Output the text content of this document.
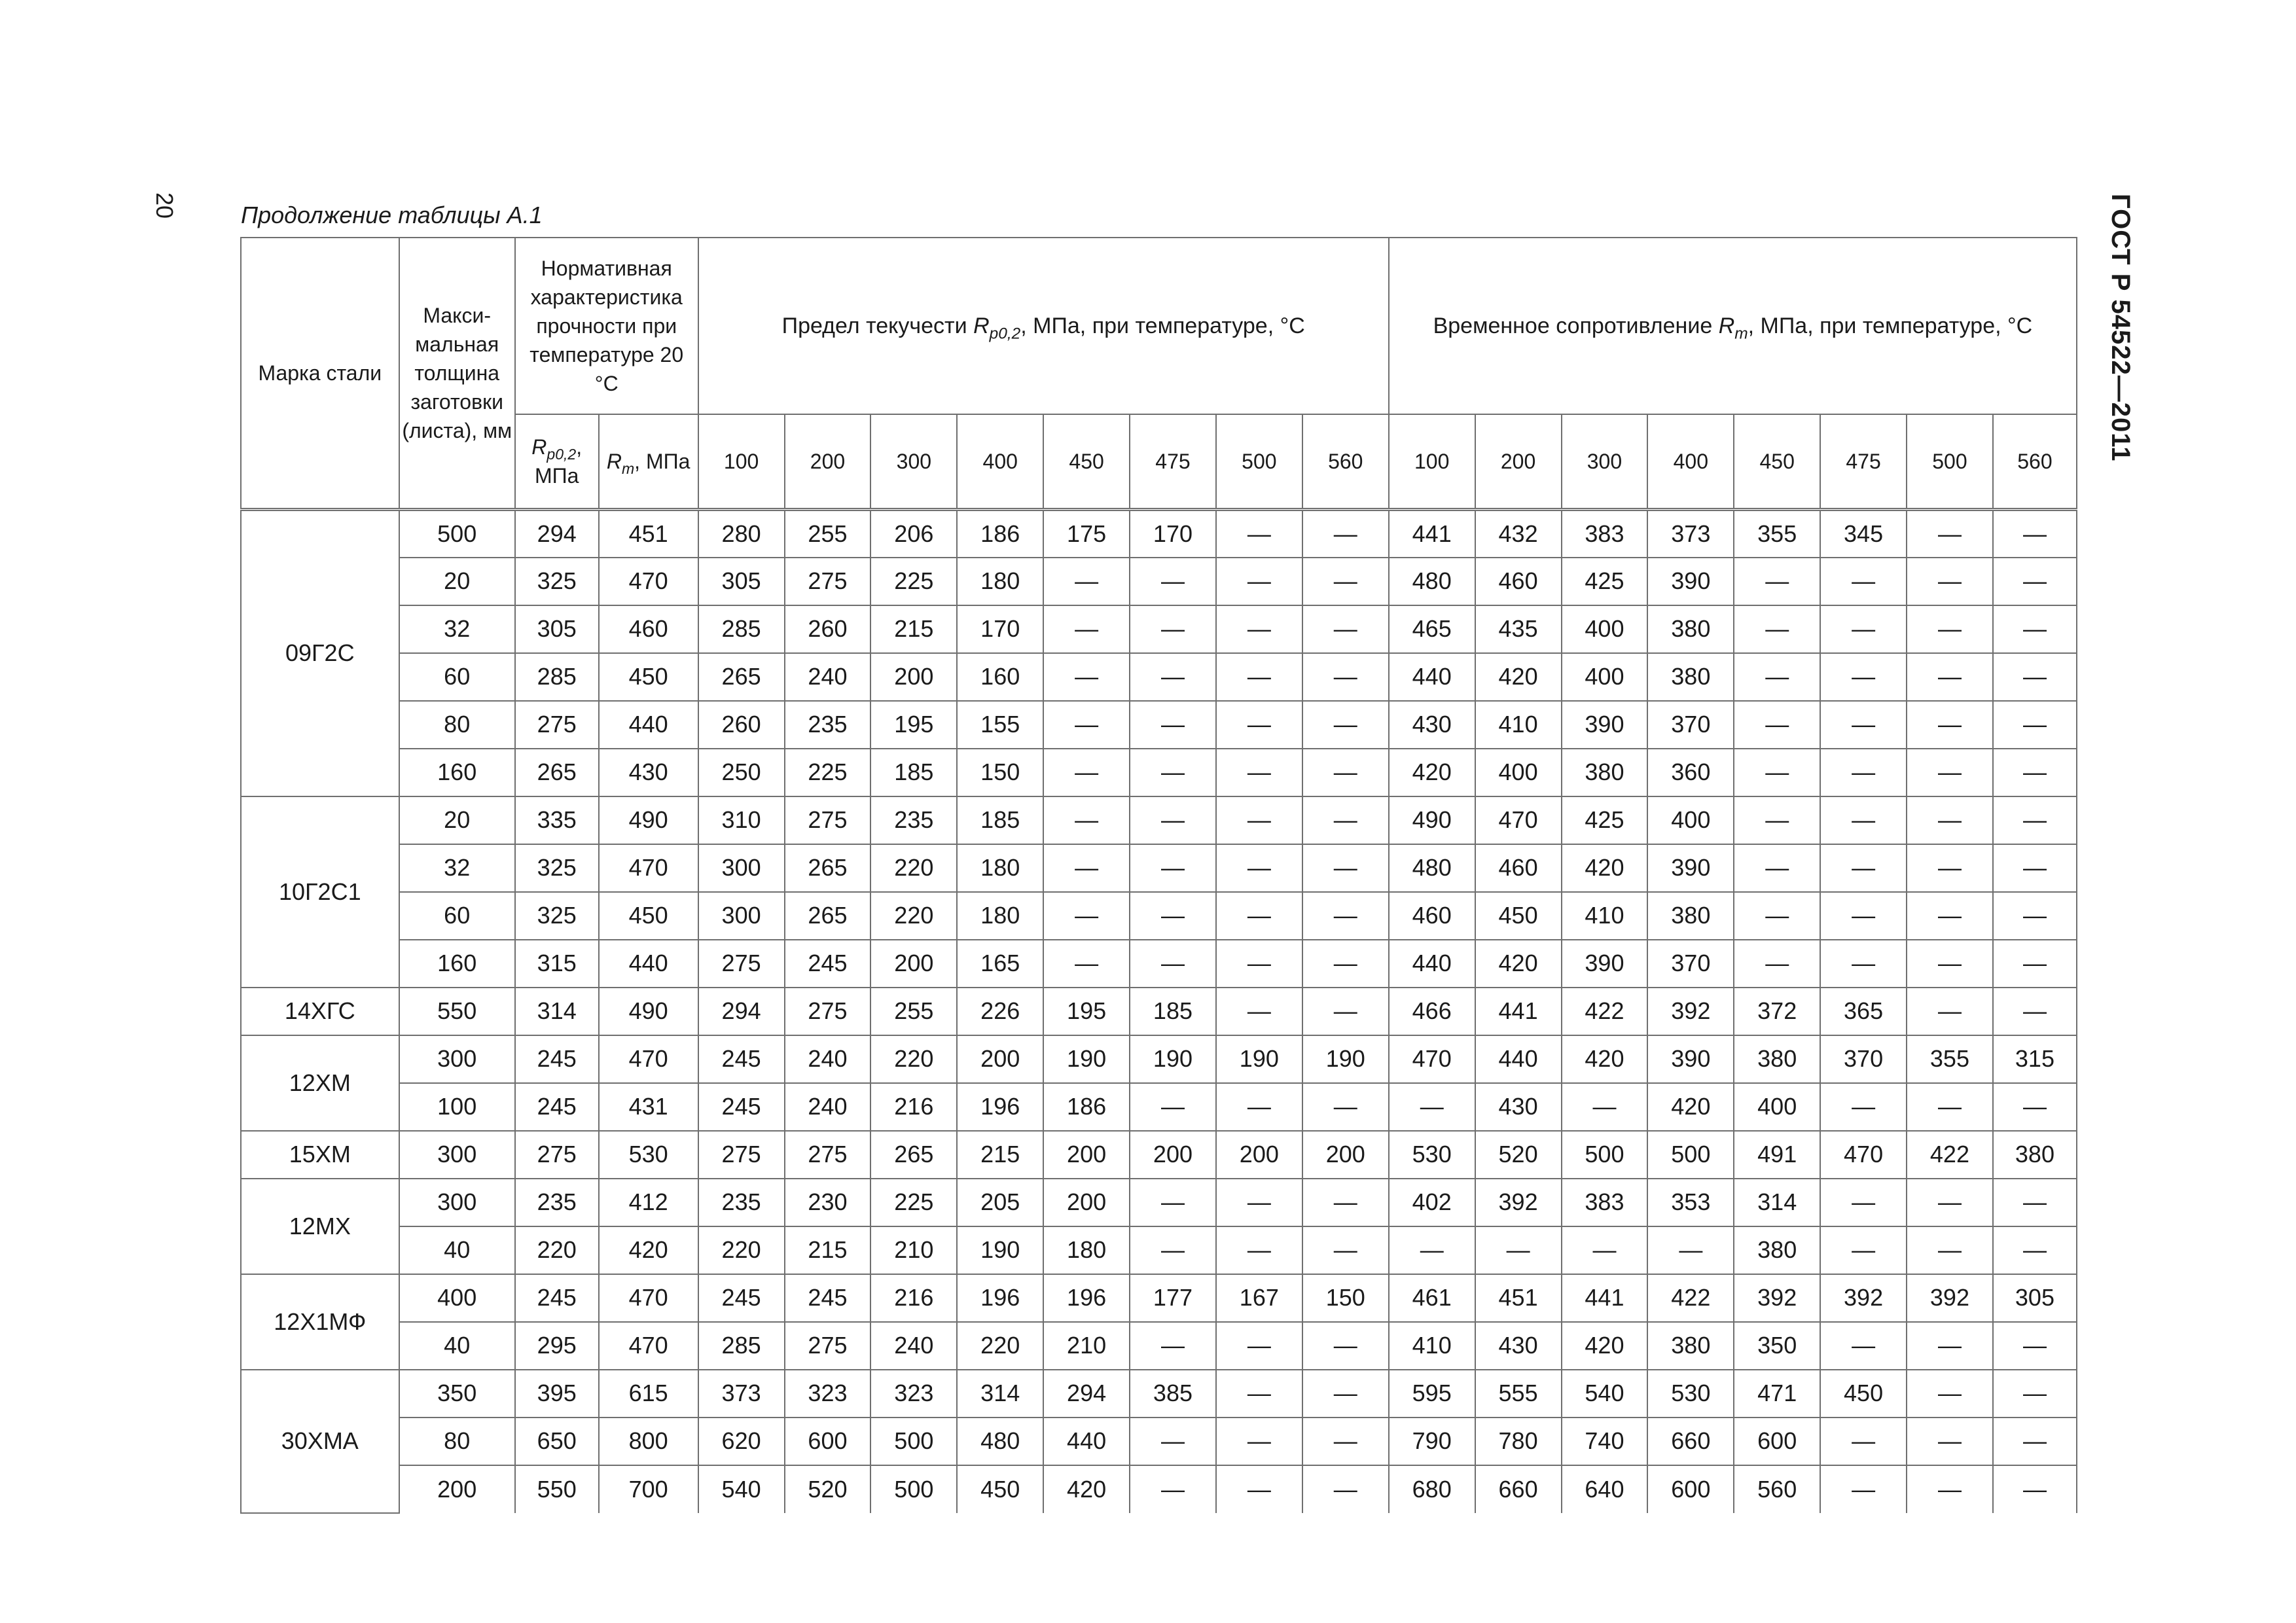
20	ГОСТ Р 54522—2011
Продолжение таблицы А.1
Марка стали	Макси-мальная толщина заготовки (листа), мм	Нормативная характеристика прочности при температуре 20 °С		Предел текучести $R_{p0,2}$, МПа, при температуре, °С								Временное сопротивление $R_m$, МПа, при температуре, °С							
		$R_{p0,2}$, МПа	$R_m$, МПа	100	200	300	400	450	475	500	560	100	200	300	400	450	475	500	560
09Г2С	500	294	451	280	255	206	186	175	170	—	—	441	432	383	373	355	345	—	—
	20	325	470	305	275	225	180	—	—	—	—	480	460	425	390	—	—	—	—
	32	305	460	285	260	215	170	—	—	—	—	465	435	400	380	—	—	—	—
	60	285	450	265	240	200	160	—	—	—	—	440	420	400	380	—	—	—	—
	80	275	440	260	235	195	155	—	—	—	—	430	410	390	370	—	—	—	—
	160	265	430	250	225	185	150	—	—	—	—	420	400	380	360	—	—	—	—
10Г2С1	20	335	490	310	275	235	185	—	—	—	—	490	470	425	400	—	—	—	—
	32	325	470	300	265	220	180	—	—	—	—	480	460	420	390	—	—	—	—
	60	325	450	300	265	220	180	—	—	—	—	460	450	410	380	—	—	—	—
	160	315	440	275	245	200	165	—	—	—	—	440	420	390	370	—	—	—	—
14ХГС	550	314	490	294	275	255	226	195	185	—	—	466	441	422	392	372	365	—	—
12ХМ	300	245	470	245	240	220	200	190	190	190	190	470	440	420	390	380	370	355	315
	100	245	431	245	240	216	196	186	—	—	—	—	430	—	420	400	—	—	—
15ХМ	300	275	530	275	275	265	215	200	200	200	200	530	520	500	500	491	470	422	380
12МХ	300	235	412	235	230	225	205	200	—	—	—	402	392	383	353	314	—	—	—
	40	220	420	220	215	210	190	180	—	—	—	—	—	—	—	380	—	—	—
12Х1МФ	400	245	470	245	245	216	196	196	177	167	150	461	451	441	422	392	392	392	305
	40	295	470	285	275	240	220	210	—	—	—	410	430	420	380	350	—	—	—
30ХМА	350	395	615	373	323	323	314	294	385	—	—	595	555	540	530	471	450	—	—
	80	650	800	620	600	500	480	440	—	—	—	790	780	740	660	600	—	—	—
	200	550	700	540	520	500	450	420	—	—	—	680	660	640	600	560	—	—	—
